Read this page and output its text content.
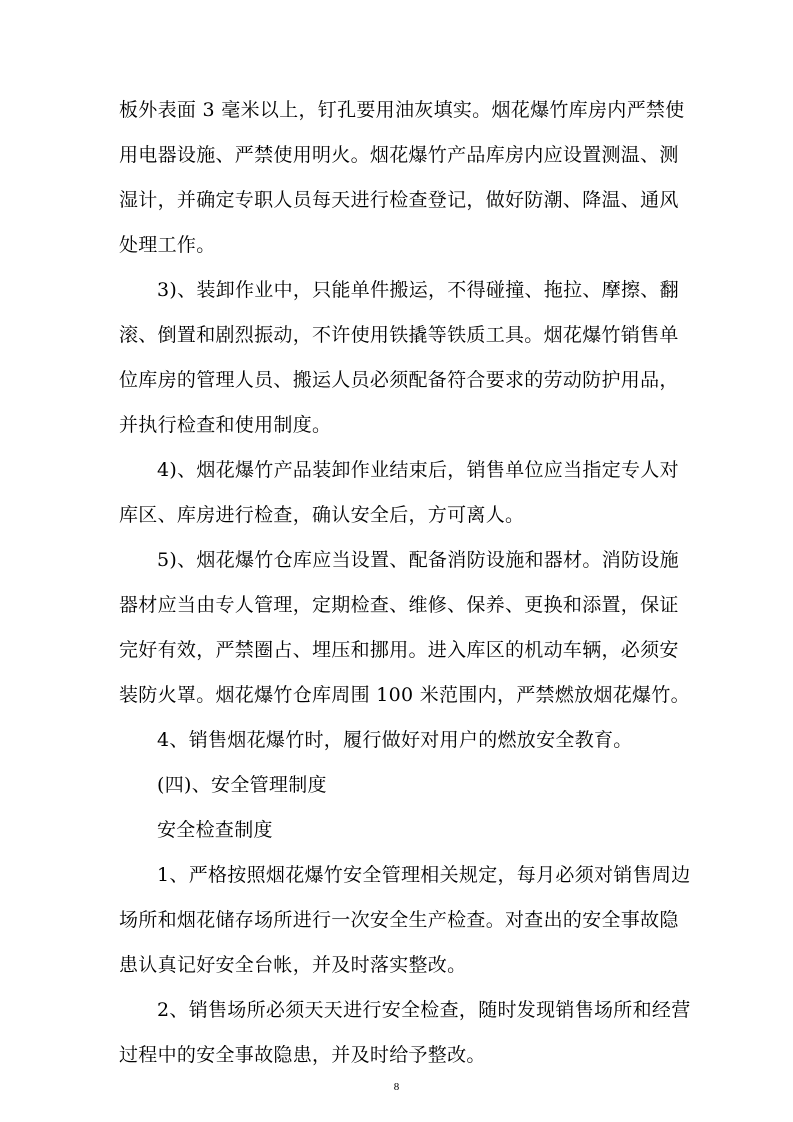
板外表面 3 毫米以上，钉孔要用油灰填实。烟花爆竹库房内严禁使
用电器设施、严禁使用明火。烟花爆竹产品库房内应设置测温、测
湿计，并确定专职人员每天进行检查登记，做好防潮、降温、通风
处理工作。
3)、装卸作业中，只能单件搬运，不得碰撞、拖拉、摩擦、翻
滚、倒置和剧烈振动，不许使用铁撬等铁质工具。烟花爆竹销售单
位库房的管理人员、搬运人员必须配备符合要求的劳动防护用品，
并执行检查和使用制度。
4)、烟花爆竹产品装卸作业结束后，销售单位应当指定专人对
库区、库房进行检查，确认安全后，方可离人。
5)、烟花爆竹仓库应当设置、配备消防设施和器材。消防设施
器材应当由专人管理，定期检查、维修、保养、更换和添置，保证
完好有效，严禁圈占、埋压和挪用。进入库区的机动车辆，必须安
装防火罩。烟花爆竹仓库周围 100 米范围内，严禁燃放烟花爆竹。
4、销售烟花爆竹时，履行做好对用户的燃放安全教育。
(四)、安全管理制度
安全检查制度
1、严格按照烟花爆竹安全管理相关规定，每月必须对销售周边
场所和烟花储存场所进行一次安全生产检查。对查出的安全事故隐
患认真记好安全台帐，并及时落实整改。
2、销售场所必须天天进行安全检查，随时发现销售场所和经营
过程中的安全事故隐患，并及时给予整改。
8
